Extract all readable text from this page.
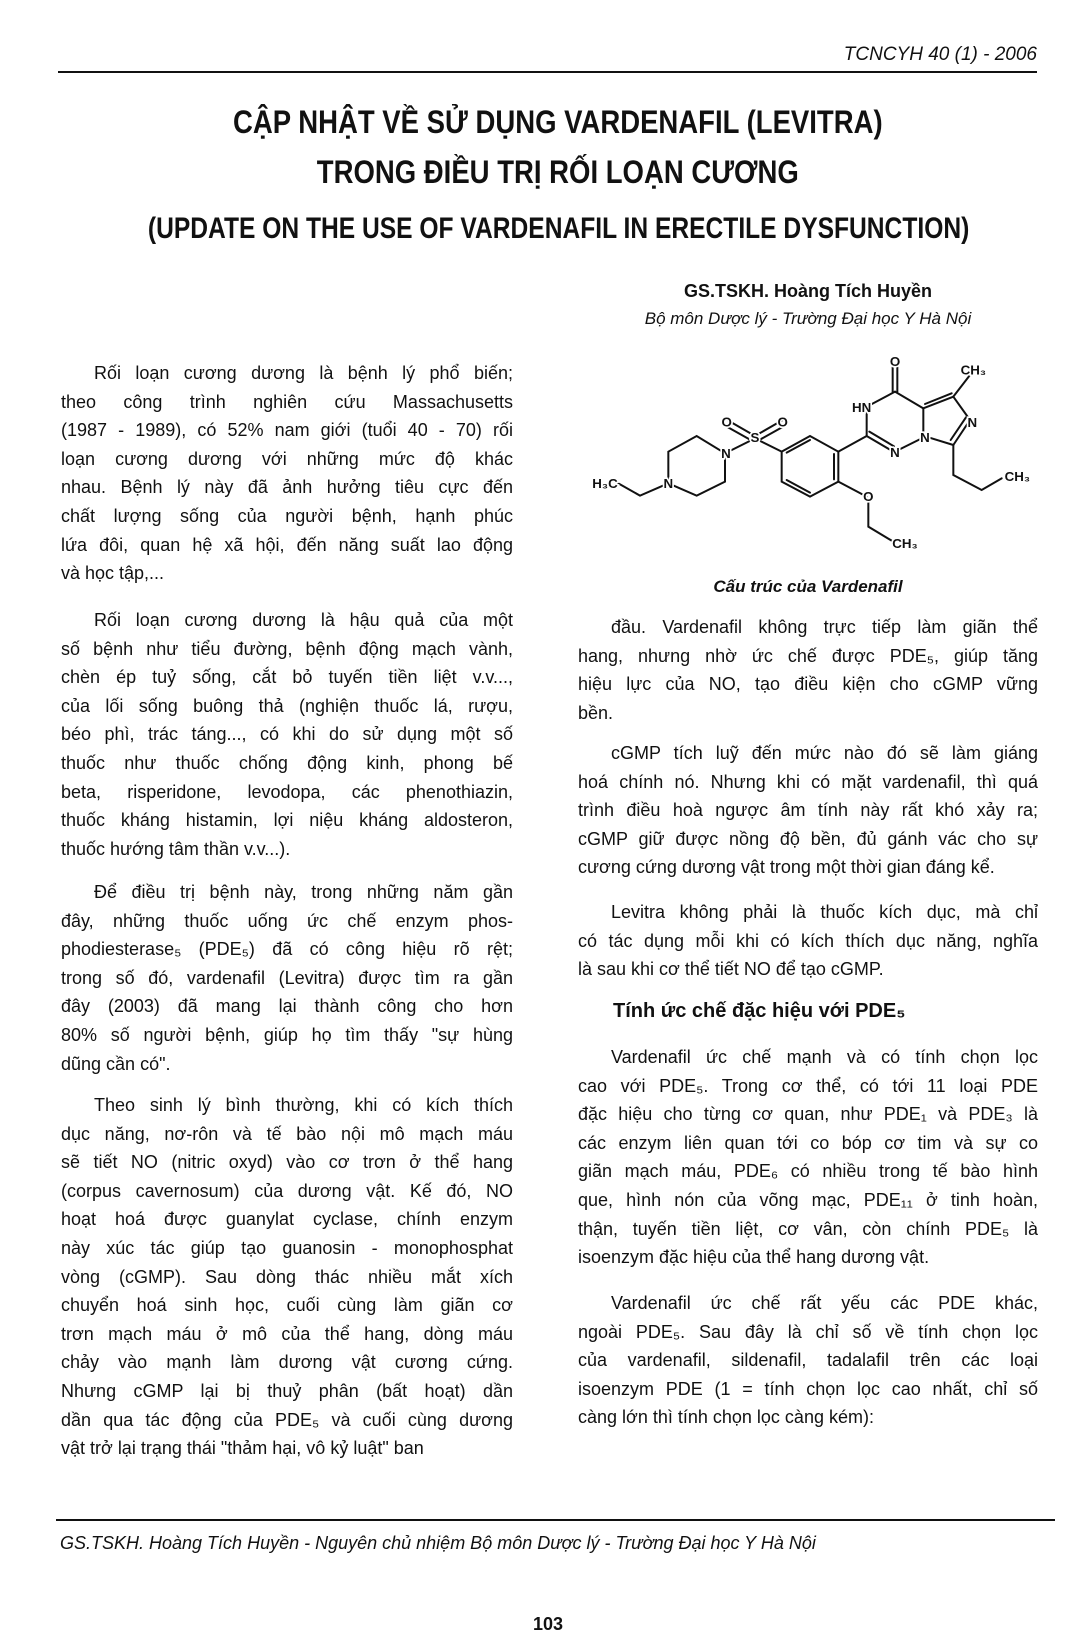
TCNCYH 40 (1) - 2006
CẬP NHẬT VỀ SỬ DỤNG VARDENAFIL (LEVITRA)
TRONG ĐIỀU TRỊ RỐI LOẠN CƯƠNG
(UPDATE ON THE USE OF VARDENAFIL IN ERECTILE DYSFUNCTION)
GS.TSKH. Hoàng Tích Huyền
Bộ môn Dược lý - Trường Đại học Y Hà Nội
Rối loạn cương dương là bệnh lý phổ biến;
theo công trình nghiên cứu Massachusetts
(1987 - 1989), có 52% nam giới (tuổi 40 - 70) rối
loạn cương dương với những mức độ khác
nhau. Bệnh lý này đã ảnh hưởng tiêu cực đến
chất lượng sống của người bệnh, hạnh phúc
lứa đôi, quan hệ xã hội, đến năng suất lao động
và học tập,...
Rối loạn cương dương là hậu quả của một
số bệnh như tiểu đường, bệnh động mạch vành,
chèn ép tuỷ sống, cắt bỏ tuyến tiền liệt v.v...,
của lối sống buông thả (nghiện thuốc lá, rượu,
béo phì, trác táng..., có khi do sử dụng một số
thuốc như thuốc chống động kinh, phong bế
beta, risperidone, levodopa, các phenothiazin,
thuốc kháng histamin, lợi niệu kháng aldosteron,
thuốc hướng tâm thần v.v...).
Để điều trị bệnh này, trong những năm gần
đây, những thuốc uống ức chế enzym phos-
phodiesterase₅ (PDE₅) đã có công hiệu rõ rệt;
trong số đó, vardenafil (Levitra) được tìm ra gần
đây (2003) đã mang lại thành công cho hơn
80% số người bệnh, giúp họ tìm thấy "sự hùng
dũng cần có".
Theo sinh lý bình thường, khi có kích thích
dục năng, nơ-rôn và tế bào nội mô mạch máu
sẽ tiết NO (nitric oxyd) vào cơ trơn ở thể hang
(corpus cavernosum) của dương vật. Kế đó, NO
hoạt hoá được guanylat cyclase, chính enzym
này xúc tác giúp tạo guanosin - monophosphat
vòng (cGMP). Sau dòng thác nhiều mắt xích
chuyển hoá sinh học, cuối cùng làm giãn cơ
trơn mạch máu ở mô của thể hang, dòng máu
chảy vào mạnh làm dương vật cương cứng.
Nhưng cGMP lại bị thuỷ phân (bất hoạt) dần
dần qua tác động của PDE₅ và cuối cùng dương
vật trở lại trạng thái "thảm hại, vô kỷ luật" ban
H₃C N
N
S
O O
O
CH₃
HN
O
N
N
CH₃
N
CH₃
Cấu trúc của Vardenafil
đầu. Vardenafil không trực tiếp làm giãn thể
hang, nhưng nhờ ức chế được PDE₅, giúp tăng
hiệu lực của NO, tạo điều kiện cho cGMP vững
bền.
cGMP tích luỹ đến mức nào đó sẽ làm giáng
hoá chính nó. Nhưng khi có mặt vardenafil, thì quá
trình điều hoà ngược âm tính này rất khó xảy ra;
cGMP giữ được nồng độ bền, đủ gánh vác cho sự
cương cứng dương vật trong một thời gian đáng kể.
Levitra không phải là thuốc kích dục, mà chỉ
có tác dụng mỗi khi có kích thích dục năng, nghĩa
là sau khi cơ thể tiết NO để tạo cGMP.
Tính ức chế đặc hiệu với PDE₅
Vardenafil ức chế mạnh và có tính chọn lọc
cao với PDE₅. Trong cơ thể, có tới 11 loại PDE
đặc hiệu cho từng cơ quan, như PDE₁ và PDE₃ là
các enzym liên quan tới co bóp cơ tim và sự co
giãn mạch máu, PDE₆ có nhiều trong tế bào hình
que, hình nón của võng mạc, PDE₁₁ ở tinh hoàn,
thận, tuyến tiền liệt, cơ vân, còn chính PDE₅ là
isoenzym đặc hiệu của thể hang dương vật.
Vardenafil ức chế rất yếu các PDE khác,
ngoài PDE₅. Sau đây là chỉ số về tính chọn lọc
của vardenafil, sildenafil, tadalafil trên các loại
isoenzym PDE (1 = tính chọn lọc cao nhất, chỉ số
càng lớn thì tính chọn lọc càng kém):
GS.TSKH. Hoàng Tích Huyền - Nguyên chủ nhiệm Bộ môn Dược lý - Trường Đại học Y Hà Nội
103
